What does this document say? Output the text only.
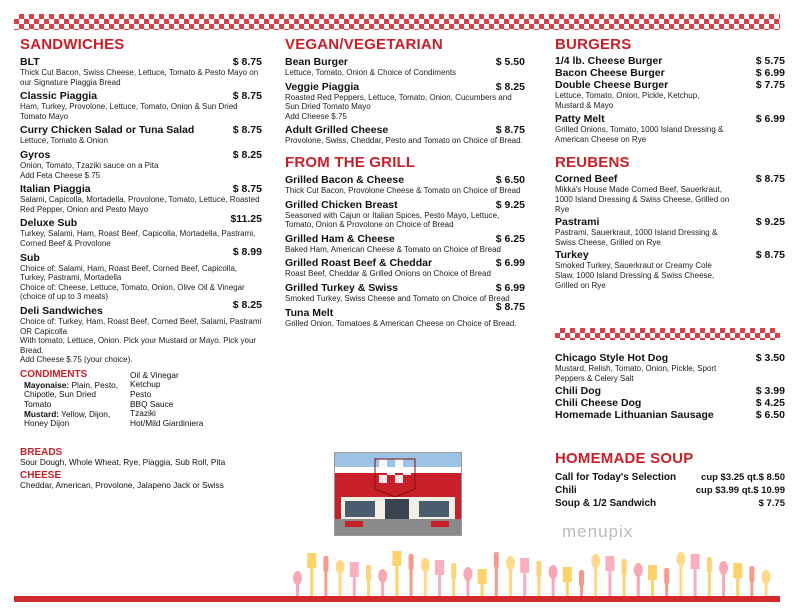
SANDWICHES
BLT	$ 8.75
Thick Cut Bacon, Swiss Cheese, Lettuce, Tomato & Pesto Mayo on our Signature Piaggia Bread
Classic Piaggia	$ 8.75
Ham, Turkey, Provolone, Lettuce, Tomato, Onion & Sun Dried Tomato Mayo
Curry Chicken Salad or Tuna Salad	$ 8.75
Lettuce, Tomato & Onion
Gyros	$ 8.25
Onion, Tomato, Tzaziki sauce on a Pita
Add Feta Cheese $.75
Italian Piaggia	$ 8.75
Salami, Capicolla, Mortadella, Provolone, Tomato, Lettuce, Roasted Red Pepper, Onion and Pesto Mayo
Deluxe Sub	$11.25
Turkey, Salami, Ham, Roast Beef, Capicolla, Mortadella, Pastrami, Corned Beef & Provolone
Sub	$ 8.99
Choice of: Salami, Ham, Roast Beef, Corned Beef, Capicolla, Turkey, Pastrami, Mortadella
Choice of: Cheese, Lettuce, Tomato, Onion, Olive Oil & Vinegar (choice of up to 3 meats)
Deli Sandwiches	$ 8.25
Choice of: Turkey, Ham, Roast Beef, Corned Beef, Salami, Pastrami OR Capicolla
With tomato, Lettuce, Onion. Pick your Mustard or Mayo. Pick your Bread.
Add Cheese $.75 (your choice).
CONDIMENTS
Mayonaise: Plain, Pesto, Chipotle, Sun Dried Tomato
Mustard: Yellow, Dijon, Honey Dijon
Oil & Vinegar
Ketchup
Pesto
BBQ Sauce
Tzaziki
Hot/Mild Giardiniera
BREADS
Sour Dough, Whole Wheat, Rye, Piaggia, Sub Roll, Pita
CHEESE
Cheddar, American, Provolone, Jalapeno Jack or Swiss
VEGAN/VEGETARIAN
Bean Burger	$ 5.50
Lettuce, Tomato, Onion & Choice of Condiments
Veggie Piaggia	$ 8.25
Roasted Red Peppers, Lettuce, Tomato, Onion, Cucumbers and Sun Dried Tomato Mayo
Add Cheese $.75
Adult Grilled Cheese	$ 8.75
Provolone, Swiss, Cheddar, Pesto and Tomato on Choice of Bread.
FROM THE GRILL
Grilled Bacon & Cheese	$ 6.50
Thick Cut Bacon, Provolone Cheese & Tomato on Choice of Bread
Grilled Chicken Breast	$ 9.25
Seasoned with Cajun or Italian Spices, Pesto Mayo, Lettuce, Tomato, Onion & Provolone on Choice of Bread
Grilled Ham & Cheese	$ 6.25
Baked Ham, American Cheese & Tomato on Choice of Bread
Grilled Roast Beef & Cheddar	$ 6.99
Roast Beef, Cheddar & Grilled Onions on Choice of Bread
Grilled Turkey & Swiss	$ 6.99
Smoked Turkey, Swiss Cheese and Tomato on Choice of Bread
Tuna Melt	$ 8.75
Grilled Onion, Tomatoes & American Cheese on Choice of Bread.
BURGERS
1/4 lb. Cheese Burger	$ 5.75
Bacon Cheese Burger	$ 6.99
Double Cheese Burger	$ 7.75
Lettuce, Tomato, Onion, Pickle, Ketchup, Mustard & Mayo
Patty Melt	$ 6.99
Grilled Onions, Tomato, 1000 Island Dressing & American Cheese on Rye
REUBENS
Corned Beef	$ 8.75
Mikka's House Made Corned Beef, Sauerkraut, 1000 Island Dressing & Swiss Cheese, Grilled on Rye
Pastrami	$ 9.25
Pastrami, Sauerkraut, 1000 Island Dressing & Swiss Cheese, Grilled on Rye
Turkey	$ 8.75
Smoked Turkey, Sauerkraut or Creamy Cole Slaw, 1000 Island Dressing & Swiss Cheese, Grilled on Rye
Chicago Style Hot Dog	$ 3.50
Mustard, Relish, Tomato, Onion, Pickle, Sport Peppers & Celery Salt
Chili Dog	$ 3.99
Chili Cheese Dog	$ 4.25
Homemade Lithuanian Sausage	$ 6.50
HOMEMADE SOUP
Call for Today's Selection	cup $3.25 qt.$ 8.50
Chili	cup $3.99 qt.$ 10.99
Soup & 1/2 Sandwich	$ 7.75
menupix
